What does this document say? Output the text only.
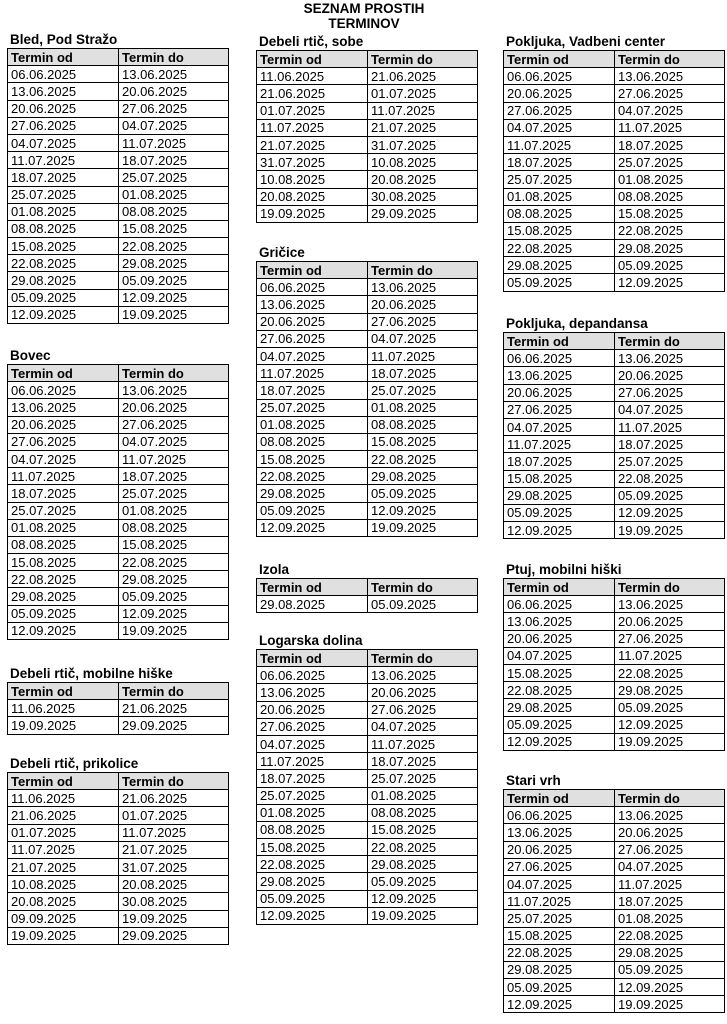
SEZNAM PROSTIH
TERMINOV
Bled, Pod Stražo
Termin od	Termin do
06.06.2025	13.06.2025
13.06.2025	20.06.2025
20.06.2025	27.06.2025
27.06.2025	04.07.2025
04.07.2025	11.07.2025
11.07.2025	18.07.2025
18.07.2025	25.07.2025
25.07.2025	01.08.2025
01.08.2025	08.08.2025
08.08.2025	15.08.2025
15.08.2025	22.08.2025
22.08.2025	29.08.2025
29.08.2025	05.09.2025
05.09.2025	12.09.2025
12.09.2025	19.09.2025
Bovec
Termin od	Termin do
06.06.2025	13.06.2025
13.06.2025	20.06.2025
20.06.2025	27.06.2025
27.06.2025	04.07.2025
04.07.2025	11.07.2025
11.07.2025	18.07.2025
18.07.2025	25.07.2025
25.07.2025	01.08.2025
01.08.2025	08.08.2025
08.08.2025	15.08.2025
15.08.2025	22.08.2025
22.08.2025	29.08.2025
29.08.2025	05.09.2025
05.09.2025	12.09.2025
12.09.2025	19.09.2025
Debeli rtič, mobilne hiške
Termin od	Termin do
11.06.2025	21.06.2025
19.09.2025	29.09.2025
Debeli rtič, prikolice
Termin od	Termin do
11.06.2025	21.06.2025
21.06.2025	01.07.2025
01.07.2025	11.07.2025
11.07.2025	21.07.2025
21.07.2025	31.07.2025
10.08.2025	20.08.2025
20.08.2025	30.08.2025
09.09.2025	19.09.2025
19.09.2025	29.09.2025
Debeli rtič, sobe
Termin od	Termin do
11.06.2025	21.06.2025
21.06.2025	01.07.2025
01.07.2025	11.07.2025
11.07.2025	21.07.2025
21.07.2025	31.07.2025
31.07.2025	10.08.2025
10.08.2025	20.08.2025
20.08.2025	30.08.2025
19.09.2025	29.09.2025
Gričice
Termin od	Termin do
06.06.2025	13.06.2025
13.06.2025	20.06.2025
20.06.2025	27.06.2025
27.06.2025	04.07.2025
04.07.2025	11.07.2025
11.07.2025	18.07.2025
18.07.2025	25.07.2025
25.07.2025	01.08.2025
01.08.2025	08.08.2025
08.08.2025	15.08.2025
15.08.2025	22.08.2025
22.08.2025	29.08.2025
29.08.2025	05.09.2025
05.09.2025	12.09.2025
12.09.2025	19.09.2025
Izola
Termin od	Termin do
29.08.2025	05.09.2025
Logarska dolina
Termin od	Termin do
06.06.2025	13.06.2025
13.06.2025	20.06.2025
20.06.2025	27.06.2025
27.06.2025	04.07.2025
04.07.2025	11.07.2025
11.07.2025	18.07.2025
18.07.2025	25.07.2025
25.07.2025	01.08.2025
01.08.2025	08.08.2025
08.08.2025	15.08.2025
15.08.2025	22.08.2025
22.08.2025	29.08.2025
29.08.2025	05.09.2025
05.09.2025	12.09.2025
12.09.2025	19.09.2025
Pokljuka, Vadbeni center
Termin od	Termin do
06.06.2025	13.06.2025
20.06.2025	27.06.2025
27.06.2025	04.07.2025
04.07.2025	11.07.2025
11.07.2025	18.07.2025
18.07.2025	25.07.2025
25.07.2025	01.08.2025
01.08.2025	08.08.2025
08.08.2025	15.08.2025
15.08.2025	22.08.2025
22.08.2025	29.08.2025
29.08.2025	05.09.2025
05.09.2025	12.09.2025
Pokljuka, depandansa
Termin od	Termin do
06.06.2025	13.06.2025
13.06.2025	20.06.2025
20.06.2025	27.06.2025
27.06.2025	04.07.2025
04.07.2025	11.07.2025
11.07.2025	18.07.2025
18.07.2025	25.07.2025
15.08.2025	22.08.2025
29.08.2025	05.09.2025
05.09.2025	12.09.2025
12.09.2025	19.09.2025
Ptuj, mobilni hiški
Termin od	Termin do
06.06.2025	13.06.2025
13.06.2025	20.06.2025
20.06.2025	27.06.2025
04.07.2025	11.07.2025
15.08.2025	22.08.2025
22.08.2025	29.08.2025
29.08.2025	05.09.2025
05.09.2025	12.09.2025
12.09.2025	19.09.2025
Stari vrh
Termin od	Termin do
06.06.2025	13.06.2025
13.06.2025	20.06.2025
20.06.2025	27.06.2025
27.06.2025	04.07.2025
04.07.2025	11.07.2025
11.07.2025	18.07.2025
25.07.2025	01.08.2025
15.08.2025	22.08.2025
22.08.2025	29.08.2025
29.08.2025	05.09.2025
05.09.2025	12.09.2025
12.09.2025	19.09.2025
